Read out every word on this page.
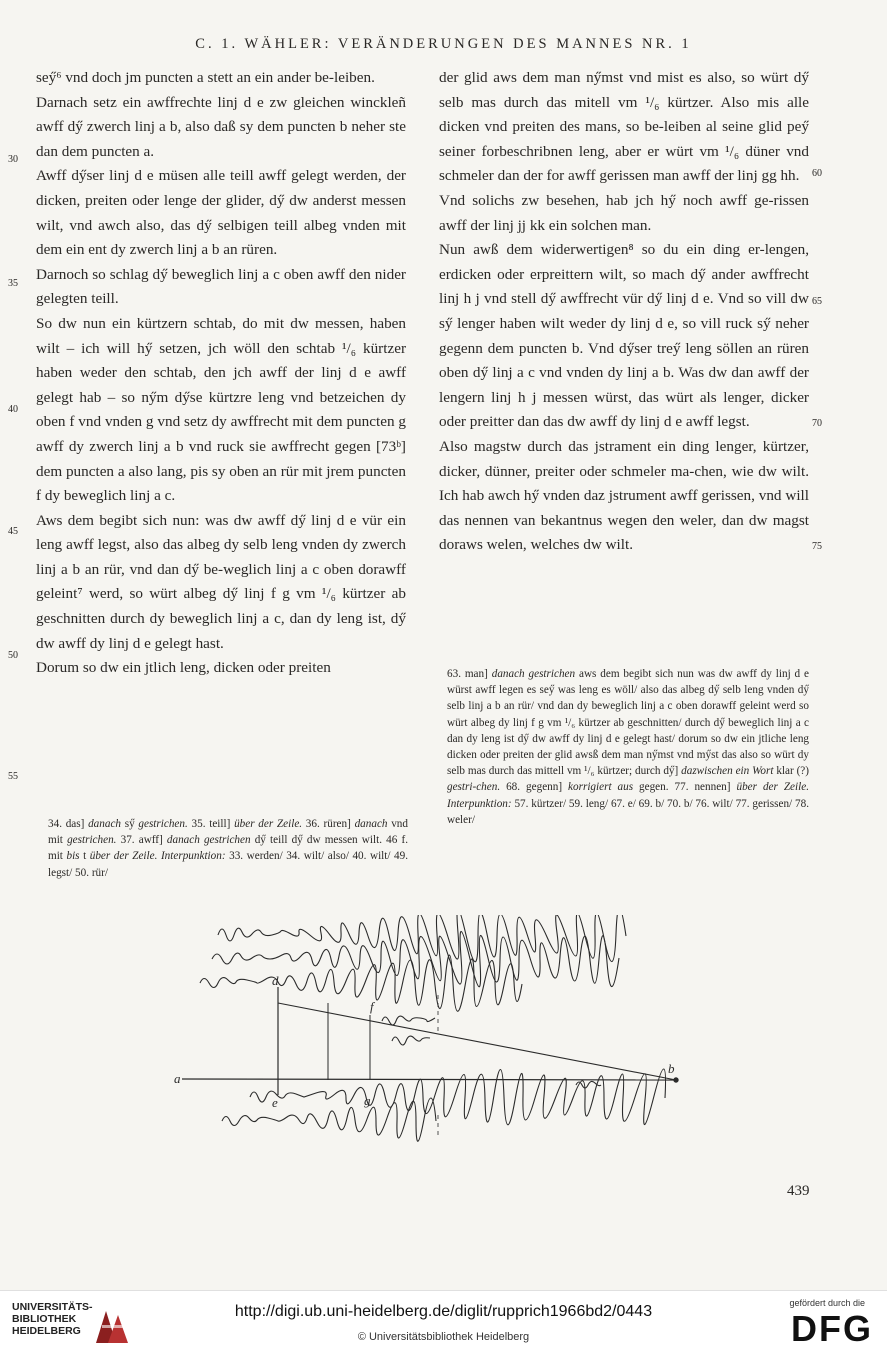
C. 1. WÄHLER: VERÄNDERUNGEN DES MANNES NR. 1

sey̋⁶ vnd doch jm puncten a stett an ein ander be-leiben.

Darnach setz ein awffrechte linj d e zw gleichen winckleñ awff dy̋ zwerch linj a b, also daß sy dem puncten b neher ste dan dem puncten a.

Awff dy̋ser linj d e müsen alle teill awff gelegt werden, der dicken, preiten oder lenge der glider, dy̋ dw anderst messen wilt, vnd awch also, das dy̋ selbigen teill albeg vnden mit dem ein ent dy zwerch linj a b an rüren.

Darnoch so schlag dy̋ beweglich linj a c oben awff den nider gelegten teill.

So dw nun ein kürtzern schtab, do mit dw messen, haben wilt – ich will hy̋ setzen, jch wöll den schtab ¹/₆ kürtzer haben weder den schtab, den jch awff der linj d e awff gelegt hab – so ny̋m dy̋se kürtzre leng vnd betzeichen dy oben f vnd vnden g vnd setz dy awffrecht mit dem puncten g awff dy zwerch linj a b vnd ruck sie awffrecht gegen [73ᵇ] dem puncten a also lang, pis sy oben an rür mit jrem puncten f dy beweglich linj a c.

Aws dem begibt sich nun: was dw awff dy̋ linj d e vür ein leng awff legst, also das albeg dy selb leng vnden dy zwerch linj a b an rür, vnd dan dy̋ be-weglich linj a c oben dorawff geleint⁷ werd, so würt albeg dy̋ linj f g vm ¹/₆ kürtzer ab geschnitten durch dy beweglich linj a c, dan dy leng ist, dy̋ dw awff dy linj d e gelegt hast.

Dorum so dw ein jtlich leng, dicken oder preiten

30
35
40
45
50
55

der glid aws dem man ny̋mst vnd mist es also, so würt dy̋ selb mas durch das mitell vm ¹/₆ kürtzer. Also mis alle dicken vnd preiten des mans, so be-leiben al seine glid pey̋ seiner forbeschribnen leng, aber er würt vm ¹/₆ düner vnd schmeler dan der for awff gerissen man awff der linj gg hh.

Vnd solichs zw besehen, hab jch hy̋ noch awff ge-rissen awff der linj jj kk ein solchen man.

Nun awß dem widerwertigen⁸ so du ein ding er-lengen, erdicken oder erpreittern wilt, so mach dy̋ ander awffrecht linj h j vnd stell dy̋ awffrecht vür dy̋ linj d e. Vnd so vill dw sy̋ lenger haben wilt weder dy linj d e, so vill ruck sy̋ neher gegenn dem puncten b. Vnd dy̋ser trey̋ leng söllen an rüren oben dy̋ linj a c vnd vnden dy linj a b. Was dw dan awff der lengern linj h j messen würst, das würt als lenger, dicker oder preitter dan das dw awff dy linj d e awff legst.

Also magstw durch das jstrament ein ding lenger, kürtzer, dicker, dünner, preiter oder schmeler ma-chen, wie dw wilt. Ich hab awch hy̋ vnden daz jstrument awff gerissen, vnd will das nennen van bekantnus wegen den weler, dan dw magst doraws welen, welches dw wilt.

60
65
70
75
34. das] danach sy̋ gestrichen. 35. teill] über der Zeile. 36. rüren] danach vnd mit gestrichen. 37. awff] danach gestrichen dy̋ teill dy̋ dw messen wilt. 46 f. mit bis t über der Zeile. Interpunktion: 33. werden/ 34. wilt/ also/ 40. wilt/ 49. legst/ 50. rür/
63. man] danach gestrichen aws dem begibt sich nun was dw awff dy linj d e würst awff legen es sey̋ was leng es wöll/ also das albeg dy̋ selb leng vnden dy̋ selb linj a b an rür/ vnd dan dy beweglich linj a c oben dorawff geleint werd so würt albeg dy linj f g vm ¹/₆ kürtzer ab geschnitten/ durch dy̋ beweglich linj a c dan dy leng ist dy̋ dw awff dy linj d e gelegt hast/ dorum so dw ein jtliche leng dicken oder preiten der glid awsß dem man ny̋mst vnd my̋st das also so würt dy selb mas durch das mittell vm ¹/₆ kürtzer; durch dy̋] dazwischen ein Wort klar (?) gestri-chen. 68. gegenn] korrigiert aus gegen. 77. nennen] über der Zeile. Interpunktion: 57. kürtzer/ 59. leng/ 67. e/ 69. b/ 70. b/ 76. wilt/ 77. gerissen/ 78. weler/
b
a
d
e	g
f
439
UNIVERSITÄTS-
BIBLIOTHEK
HEIDELBERG
http://digi.ub.uni-heidelberg.de/diglit/rupprich1966bd2/0443
© Universitätsbibliothek Heidelberg
gefördert durch die
DFG
